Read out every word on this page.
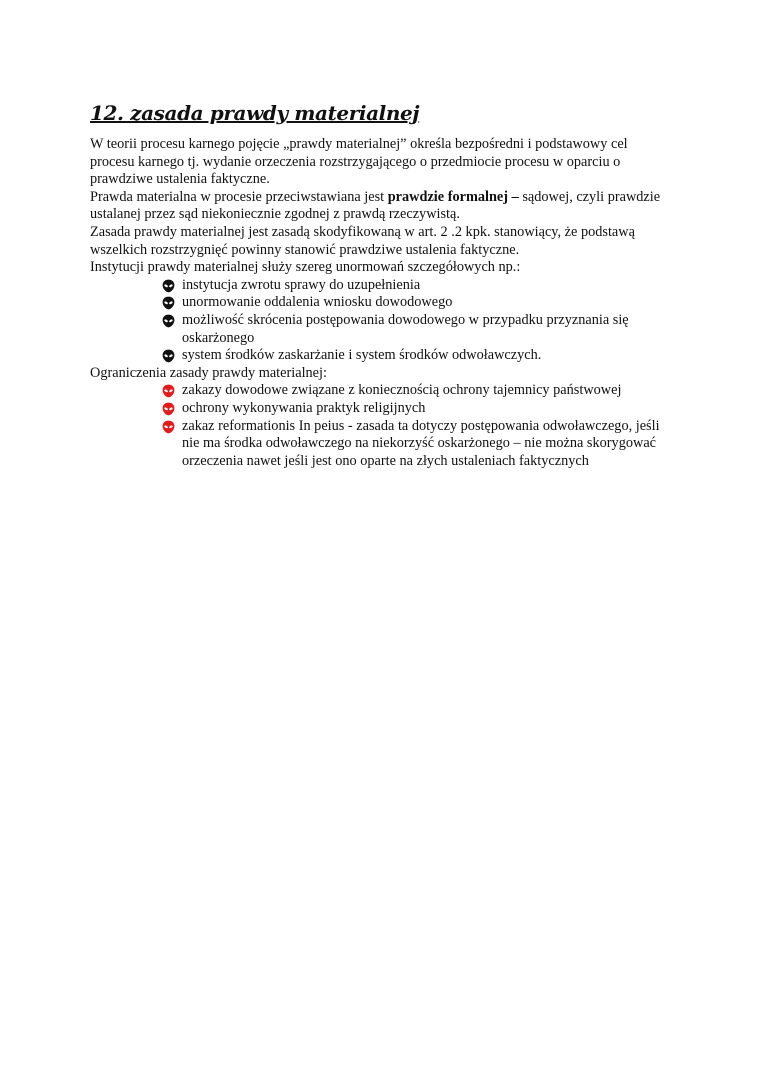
12. zasada prawdy materialnej

W teorii procesu karnego pojęcie „prawdy materialnej” określa bezpośredni i podstawowy cel procesu karnego tj. wydanie orzeczenia rozstrzygającego o przedmiocie procesu w oparciu o prawdziwe ustalenia faktyczne.

Prawda materialna w procesie przeciwstawiana jest prawdzie formalnej – sądowej, czyli prawdzie ustalanej przez sąd niekoniecznie zgodnej z prawdą rzeczywistą.

Zasada prawdy materialnej jest zasadą skodyfikowaną w art. 2 .2 kpk. stanowiący, że podstawą wszelkich rozstrzygnięć powinny stanowić prawdziwe ustalenia faktyczne.

Instytucji prawdy materialnej służy szereg unormowań szczegółowych np.:

instytucja zwrotu sprawy do uzupełnienia
unormowanie oddalenia wniosku dowodowego
możliwość skrócenia postępowania dowodowego w przypadku przyznania się oskarżonego
system środków zaskarżanie i system środków odwoławczych.

Ograniczenia zasady prawdy materialnej:

zakazy dowodowe związane z koniecznością ochrony tajemnicy państwowej
ochrony wykonywania praktyk religijnych
zakaz reformationis In peius - zasada ta dotyczy postępowania odwoławczego, jeśli nie ma środka odwoławczego na niekorzyść oskarżonego – nie można skorygować orzeczenia nawet jeśli jest ono oparte na złych ustaleniach faktycznych
